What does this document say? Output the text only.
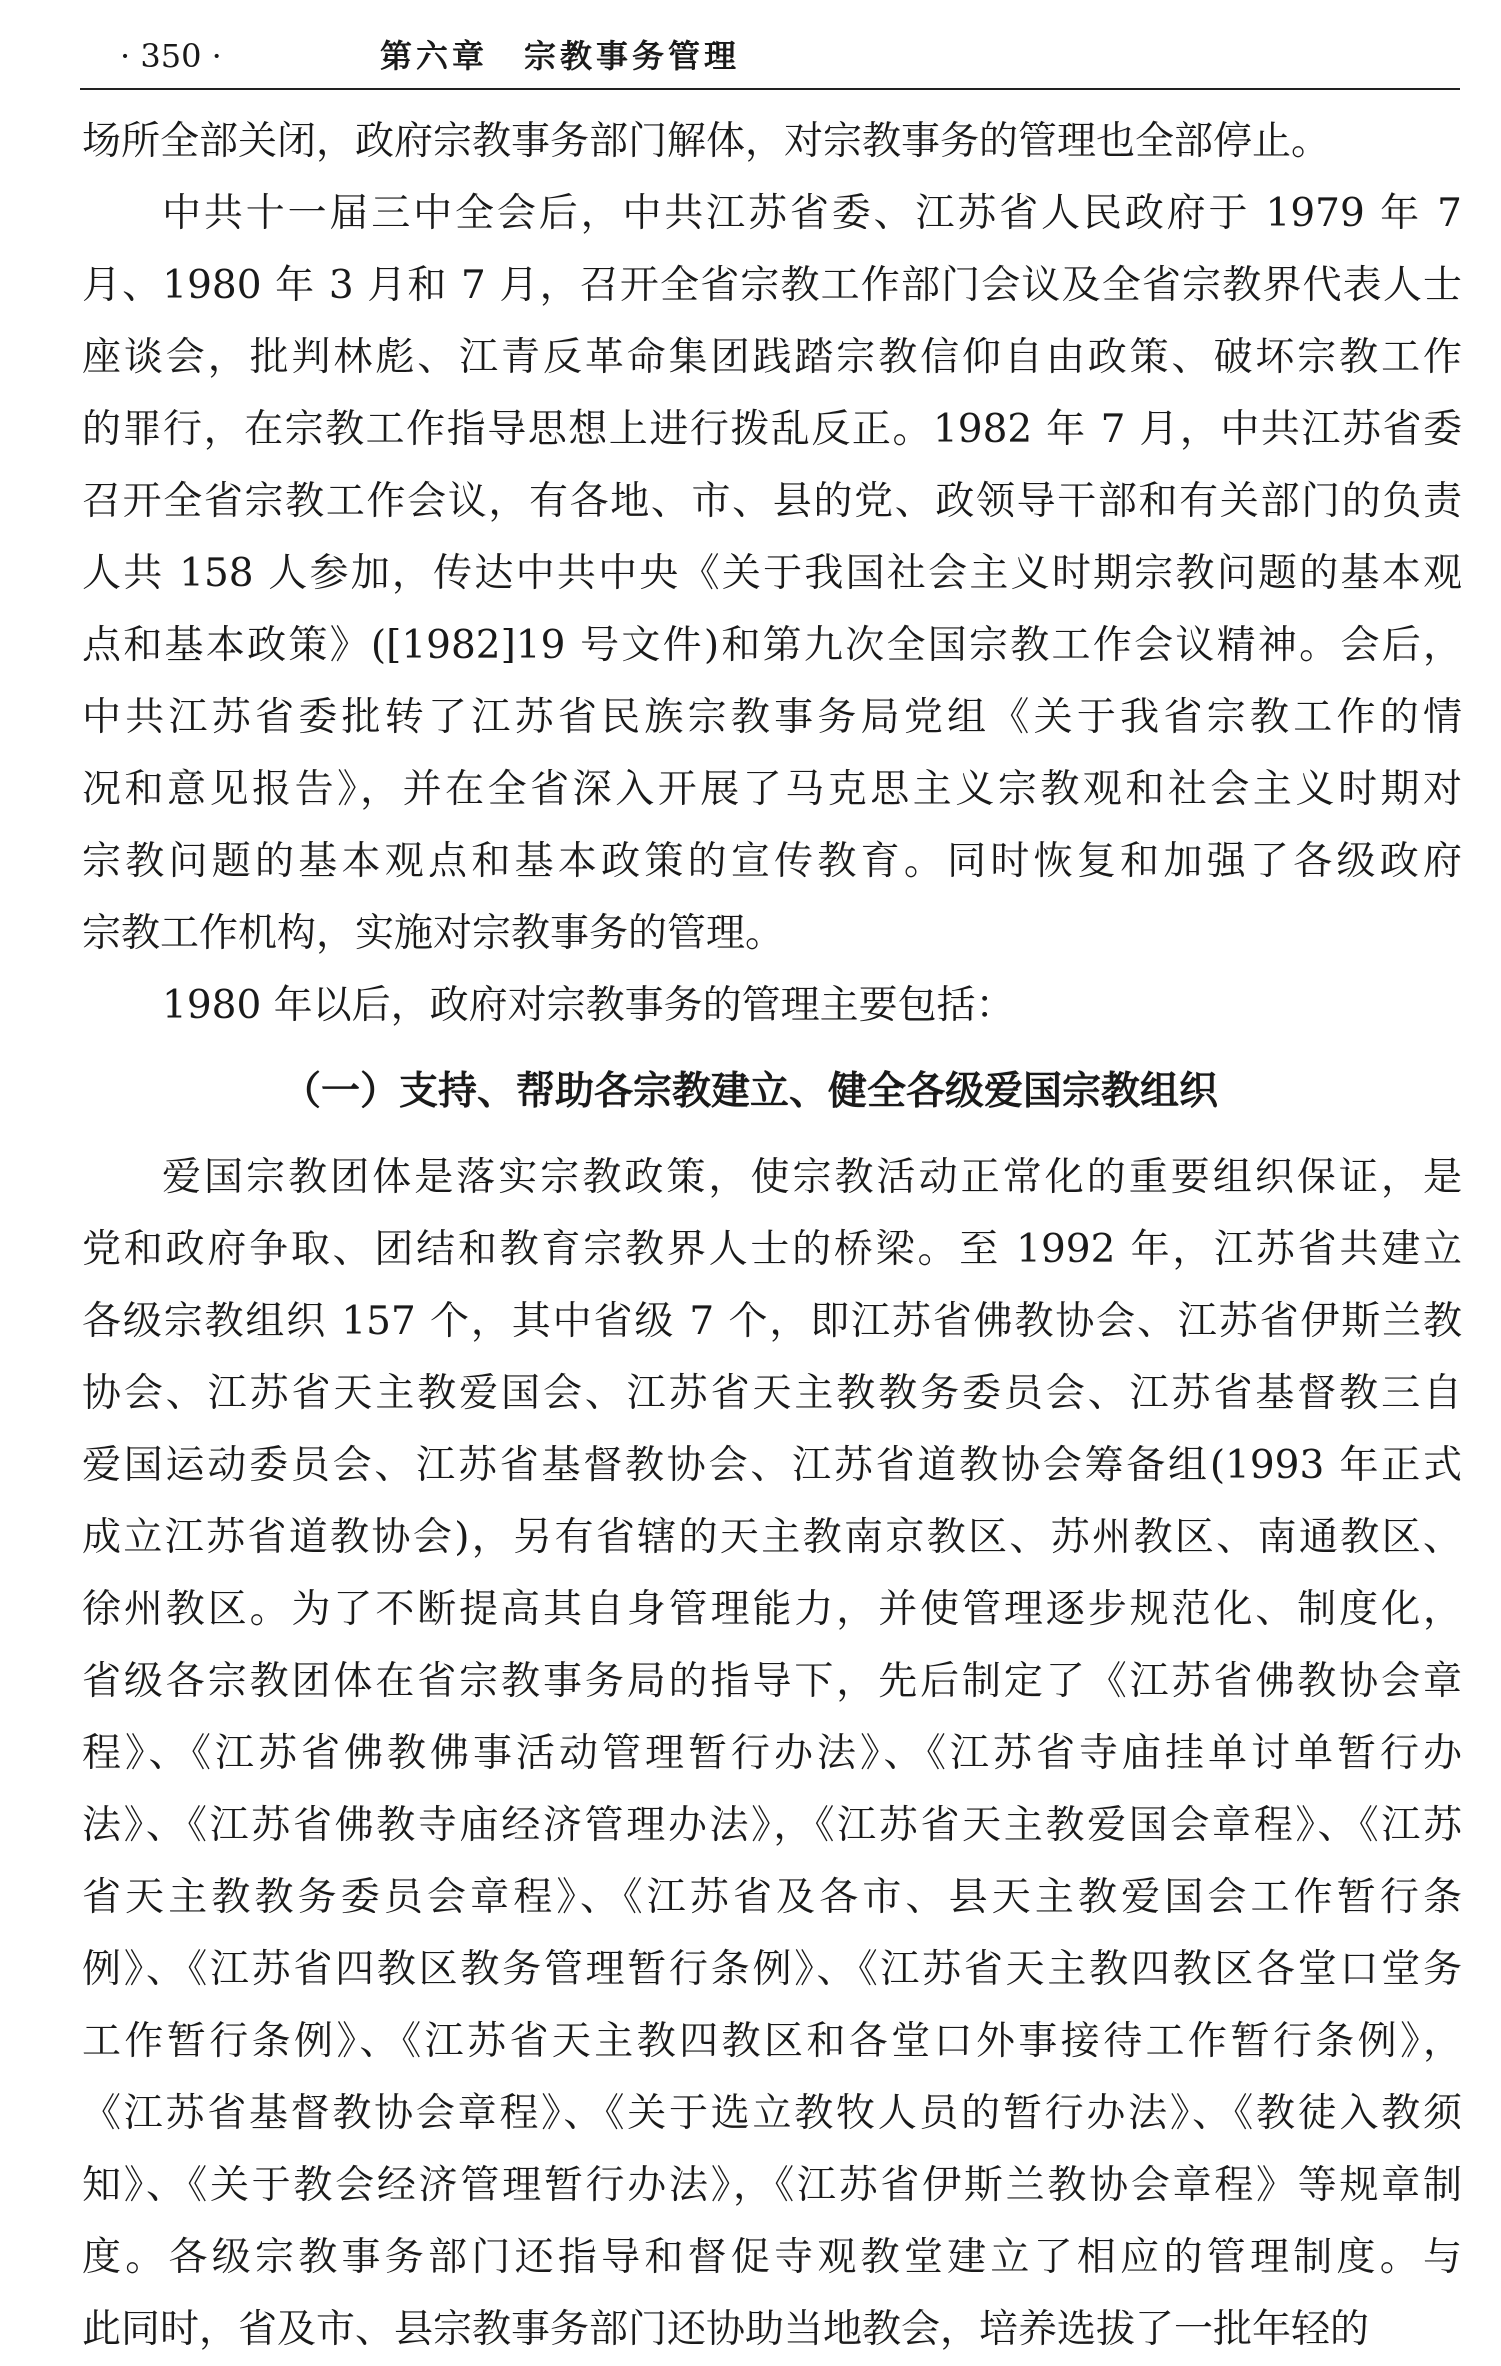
· 350 ·	第六章　宗教事务管理
场所全部关闭，政府宗教事务部门解体，对宗教事务的管理也全部停止。
中共十一届三中全会后，中共江苏省委、江苏省人民政府于 1979 年 7
月、1980 年 3 月和 7 月，召开全省宗教工作部门会议及全省宗教界代表人士
座谈会，批判林彪、江青反革命集团践踏宗教信仰自由政策、破坏宗教工作
的罪行，在宗教工作指导思想上进行拨乱反正。1982 年 7 月，中共江苏省委
召开全省宗教工作会议，有各地、市、县的党、政领导干部和有关部门的负责
人共 158 人参加，传达中共中央《关于我国社会主义时期宗教问题的基本观
点和基本政策》([1982]19 号文件)和第九次全国宗教工作会议精神。会后，
中共江苏省委批转了江苏省民族宗教事务局党组《关于我省宗教工作的情
况和意见报告》，并在全省深入开展了马克思主义宗教观和社会主义时期对
宗教问题的基本观点和基本政策的宣传教育。同时恢复和加强了各级政府
宗教工作机构，实施对宗教事务的管理。
1980 年以后，政府对宗教事务的管理主要包括：
（一）支持、帮助各宗教建立、健全各级爱国宗教组织
爱国宗教团体是落实宗教政策，使宗教活动正常化的重要组织保证，是
党和政府争取、团结和教育宗教界人士的桥梁。至 1992 年，江苏省共建立
各级宗教组织 157 个，其中省级 7 个，即江苏省佛教协会、江苏省伊斯兰教
协会、江苏省天主教爱国会、江苏省天主教教务委员会、江苏省基督教三自
爱国运动委员会、江苏省基督教协会、江苏省道教协会筹备组(1993 年正式
成立江苏省道教协会)，另有省辖的天主教南京教区、苏州教区、南通教区、
徐州教区。为了不断提高其自身管理能力，并使管理逐步规范化、制度化，
省级各宗教团体在省宗教事务局的指导下，先后制定了《江苏省佛教协会章
程》、《江苏省佛教佛事活动管理暂行办法》、《江苏省寺庙挂单讨单暂行办
法》、《江苏省佛教寺庙经济管理办法》，《江苏省天主教爱国会章程》、《江苏
省天主教教务委员会章程》、《江苏省及各市、县天主教爱国会工作暂行条
例》、《江苏省四教区教务管理暂行条例》、《江苏省天主教四教区各堂口堂务
工作暂行条例》、《江苏省天主教四教区和各堂口外事接待工作暂行条例》，
《江苏省基督教协会章程》、《关于选立教牧人员的暂行办法》、《教徒入教须
知》、《关于教会经济管理暂行办法》，《江苏省伊斯兰教协会章程》等规章制
度。各级宗教事务部门还指导和督促寺观教堂建立了相应的管理制度。与
此同时，省及市、县宗教事务部门还协助当地教会，培养选拔了一批年轻的
